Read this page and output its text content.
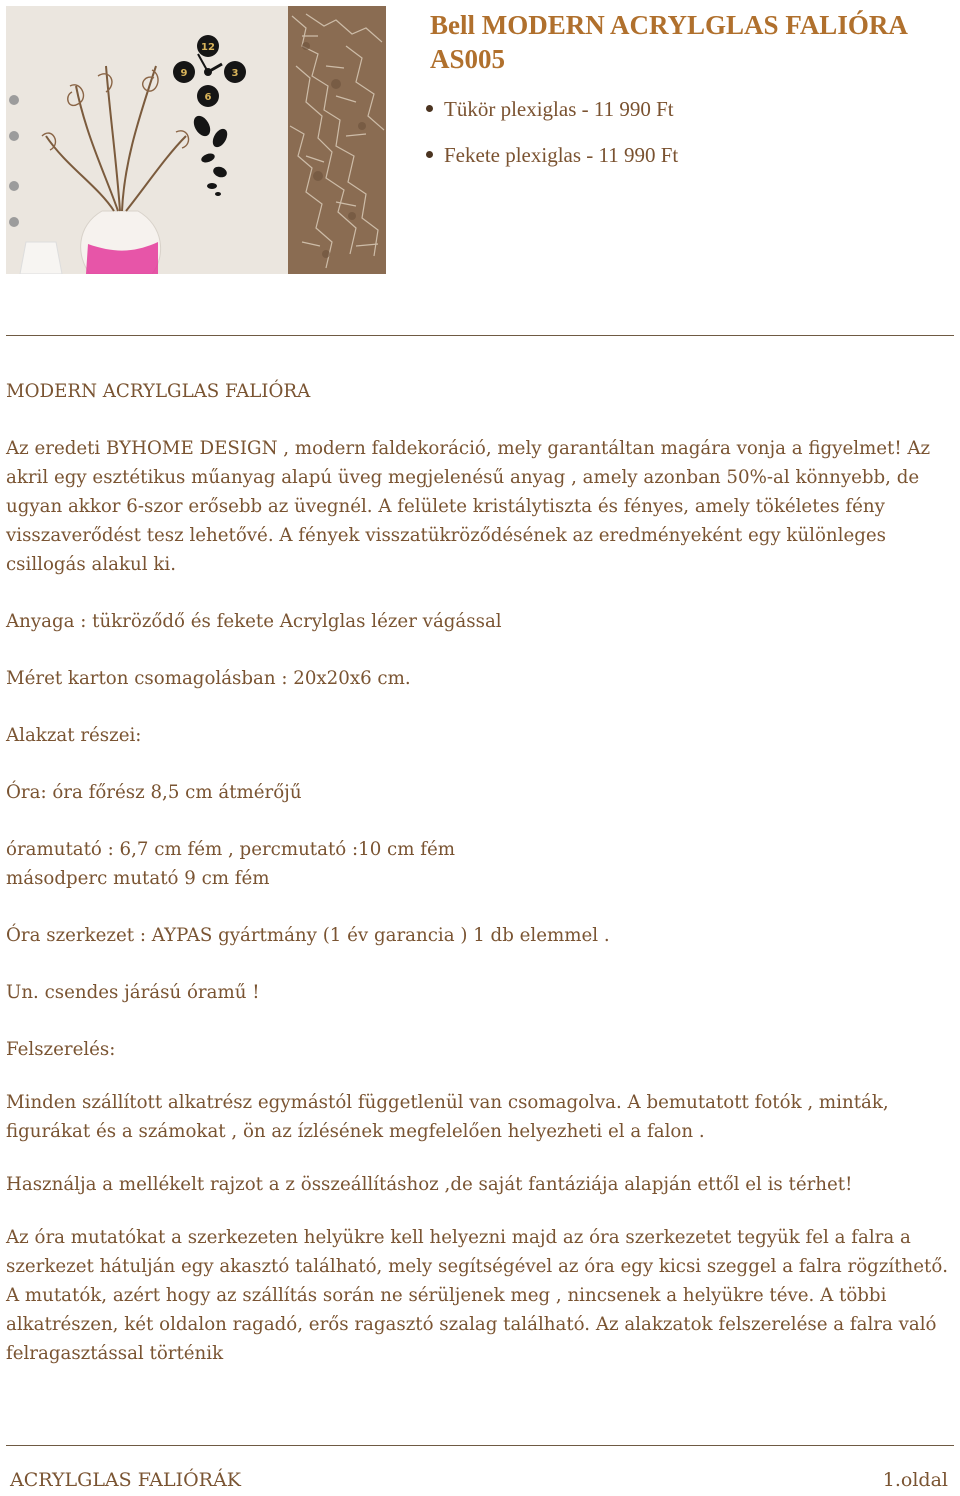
12
3
6
9
Bell MODERN ACRYLGLAS FALIÓRA AS005
Tükör plexiglas - 11 990 Ft
Fekete plexiglas - 11 990 Ft

MODERN ACRYLGLAS FALIÓRA

Az eredeti BYHOME DESIGN , modern faldekoráció, mely garantáltan magára vonja a figyelmet! Az akril egy esztétikus műanyag alapú üveg megjelenésű anyag , amely azonban 50%-al könnyebb, de ugyan akkor 6-szor erősebb az üvegnél. A felülete kristálytiszta és fényes, amely tökéletes fény visszaverődést tesz lehetővé. A fények visszatükröződésének az eredményeként egy különleges csillogás alakul ki.

Anyaga : tükröződő és fekete Acrylglas lézer vágással

Méret karton csomagolásban : 20x20x6 cm.

Alakzat részei:

Óra: óra főrész 8,5 cm átmérőjű

óramutató : 6,7 cm fém , percmutató :10 cm fém

másodperc mutató 9 cm fém

Óra szerkezet : AYPAS gyártmány (1 év garancia ) 1 db elemmel .

Un. csendes járású óramű !

Felszerelés:

Minden szállított alkatrész egymástól függetlenül van csomagolva. A bemutatott fotók , minták, figurákat és a számokat , ön az ízlésének megfelelően helyezheti el a falon .

Használja a mellékelt rajzot a z összeállításhoz ,de saját fantáziája alapján ettől el is térhet!

Az óra mutatókat a szerkezeten helyükre kell helyezni majd az óra szerkezetet tegyük fel a falra a szerkezet hátulján egy akasztó található, mely segítségével az óra egy kicsi szeggel a falra rögzíthető. A mutatók, azért hogy az szállítás során ne sérüljenek meg , nincsenek a helyükre téve. A többi alkatrészen, két oldalon ragadó, erős ragasztó szalag található. Az alakzatok felszerelése a falra való felragasztással történik

ACRYLGLAS FALIÓRÁK	1.oldal
